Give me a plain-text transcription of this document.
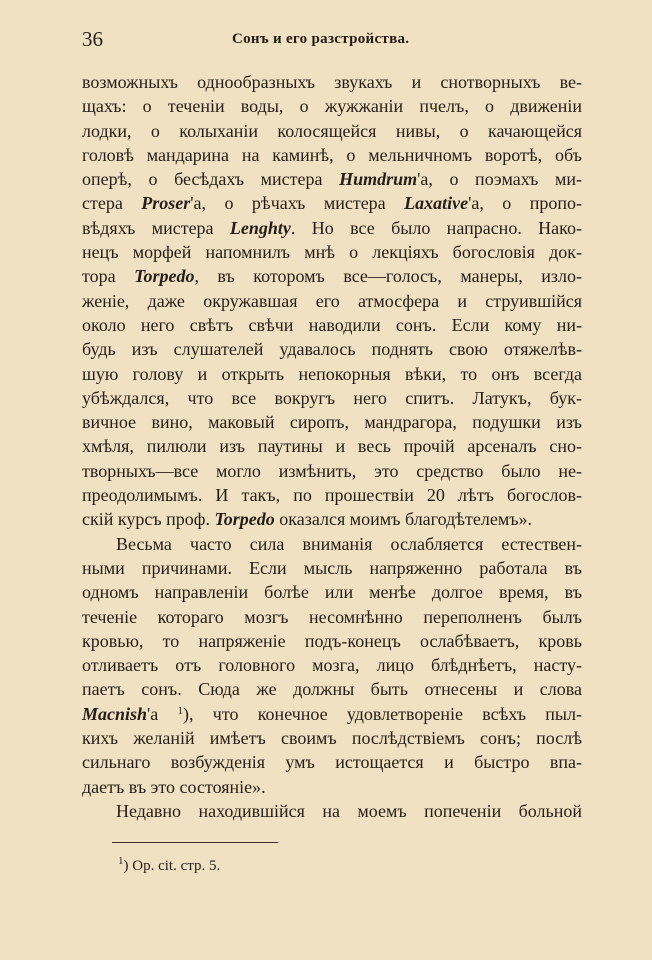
36	Сонъ и его разстройства.
возможныхъ однообразныхъ звукахъ и снотворныхъ ве-
щахъ: о теченіи воды, о жужжаніи пчелъ, о движеніи
лодки, о колыханіи колосящейся нивы, о качающейся
головѣ мандарина на каминѣ, о мельничномъ воротѣ, объ
оперѣ, о бесѣдахъ мистера Humdrum'а, о поэмахъ ми-
стера Proser'а, о рѣчахъ мистера Laxative'а, о пропо-
вѣдяхъ мистера Lenghty. Но все было напрасно. Нако-
нецъ морфей напомнилъ мнѣ о лекціяхъ богословія док-
тора Torpedo, въ которомъ все—голосъ, манеры, изло-
женіе, даже окружавшая его атмосфера и струившійся
около него свѣтъ свѣчи наводили сонъ. Если кому ни-
будь изъ слушателей удавалось поднять свою отяжелѣв-
шую голову и открыть непокорныя вѣки, то онъ всегда
убѣждался, что все вокругъ него спитъ. Латукъ, бук-
вичное вино, маковый сиропъ, мандрагора, подушки изъ
хмѣля, пилюли изъ паутины и весь прочій арсеналъ сно-
творныхъ—все могло измѣнить, это средство было не-
преодолимымъ. И такъ, по прошествіи 20 лѣтъ богослов-
скій курсъ проф. Torpedo оказался моимъ благодѣтелемъ».
Весьма часто сила вниманія ослабляется естествен-
ными причинами. Если мысль напряженно работала въ
одномъ направленіи болѣе или менѣе долгое время, въ
теченіе котораго мозгъ несомнѣнно переполненъ былъ
кровью, то напряженіе подъ-конецъ ослабѣваетъ, кровь
отливаетъ отъ головного мозга, лицо блѣднѣетъ, насту-
паетъ сонъ. Сюда же должны быть отнесены и слова
Macnish'а $^1$), что конечное удовлетвореніе всѣхъ пыл-
кихъ желаній имѣетъ своимъ послѣдствіемъ сонъ; послѣ
сильнаго возбужденія умъ истощается и быстро впа-
даетъ въ это состояніе».
Недавно находившійся на моемъ попеченіи больной
$^1$) Op. cit. стр. 5.
